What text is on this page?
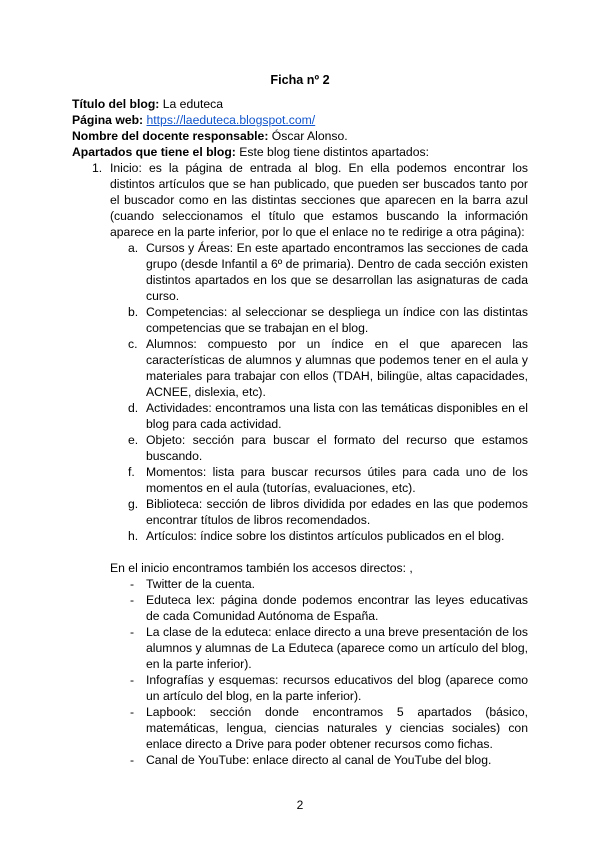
Ficha nº 2
Título del blog: La eduteca
Página web: https://laeduteca.blogspot.com/
Nombre del docente responsable: Óscar Alonso.
Apartados que tiene el blog: Este blog tiene distintos apartados:
1. Inicio: es la página de entrada al blog. En ella podemos encontrar los distintos artículos que se han publicado, que pueden ser buscados tanto por el buscador como en las distintas secciones que aparecen en la barra azul (cuando seleccionamos el título que estamos buscando la información aparece en la parte inferior, por lo que el enlace no te redirige a otra página):
a. Cursos y Áreas: En este apartado encontramos las secciones de cada grupo (desde Infantil a 6º de primaria). Dentro de cada sección existen distintos apartados en los que se desarrollan las asignaturas de cada curso.
b. Competencias: al seleccionar se despliega un índice con las distintas competencias que se trabajan en el blog.
c. Alumnos: compuesto por un índice en el que aparecen las características de alumnos y alumnas que podemos tener en el aula y materiales para trabajar con ellos (TDAH, bilingüe, altas capacidades, ACNEE, dislexia, etc).
d. Actividades: encontramos una lista con las temáticas disponibles en el blog para cada actividad.
e. Objeto: sección para buscar el formato del recurso que estamos buscando.
f. Momentos: lista para buscar recursos útiles para cada uno de los momentos en el aula (tutorías, evaluaciones, etc).
g. Biblioteca: sección de libros dividida por edades en las que podemos encontrar títulos de libros recomendados.
h. Artículos: índice sobre los distintos artículos publicados en el blog.
En el inicio encontramos también los accesos directos: ,
- Twitter de la cuenta.
- Eduteca lex: página donde podemos encontrar las leyes educativas de cada Comunidad Autónoma de España.
- La clase de la eduteca: enlace directo a una breve presentación de los alumnos y alumnas de La Eduteca (aparece como un artículo del blog, en la parte inferior).
- Infografías y esquemas: recursos educativos del blog (aparece como un artículo del blog, en la parte inferior).
- Lapbook: sección donde encontramos 5 apartados (básico, matemáticas, lengua, ciencias naturales y ciencias sociales) con enlace directo a Drive para poder obtener recursos como fichas.
- Canal de YouTube: enlace directo al canal de YouTube del blog.
2
